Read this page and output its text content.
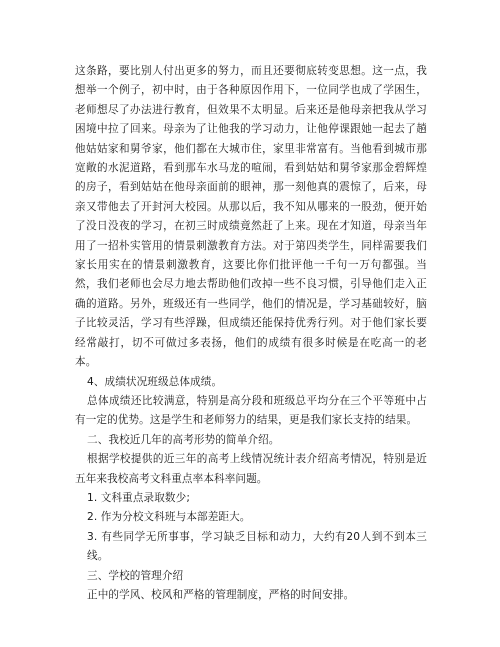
这条路，要比别人付出更多的努力，而且还要彻底转变思想。这一点，我想举一个例子，初中时，由于各种原因作用下，一位同学也成了学困生，老师想尽了办法进行教育，但效果不太明显。后来还是他母亲把我从学习困境中拉了回来。母亲为了让他我的学习动力，让他停课跟她一起去了趟他姑姑家和舅爷家，他们都在大城市住，家里非常富有。当他看到城市那宽敞的水泥道路，看到那车水马龙的喧闹，看到姑姑和舅爷家那金碧辉煌的房子，看到姑姑在他母亲面前的眼神，那一刻他真的震惊了，后来，母亲又带他去了开封河大校园。从那以后，我不知从哪来的一股劲，便开始了没日没夜的学习，在初三时成绩竟然赶了上来。现在才知道，母亲当年用了一招朴实管用的情景刺激教育方法。对于第四类学生，同样需要我们家长用实在的情景刺激教育，这要比你们批评他一千句一万句都强。当然，我们老师也会尽力地去帮助他们改掉一些不良习惯，引导他们走入正确的道路。另外，班级还有一些同学，他们的情况是，学习基础较好，脑子比较灵活，学习有些浮躁，但成绩还能保持优秀行列。对于他们家长要经常敲打，切不可做过多表扬，他们的成绩有很多时候是在吃高一的老本。

4、成绩状况班级总体成绩。

总体成绩还比较满意，特别是高分段和班级总平均分在三个平等班中占有一定的优势。这是学生和老师努力的结果，更是我们家长支持的结果。

二、我校近几年的高考形势的简单介绍。

根据学校提供的近三年的高考上线情况统计表介绍高考情况，特别是近五年来我校高考文科重点率本科率问题。

1. 文科重点录取数少;

2. 作为分校文科班与本部差距大。

3. 有些同学无所事事，学习缺乏目标和动力，大约有20人到不到本三线。

三、学校的管理介绍

正中的学风、校风和严格的管理制度，严格的时间安排。
